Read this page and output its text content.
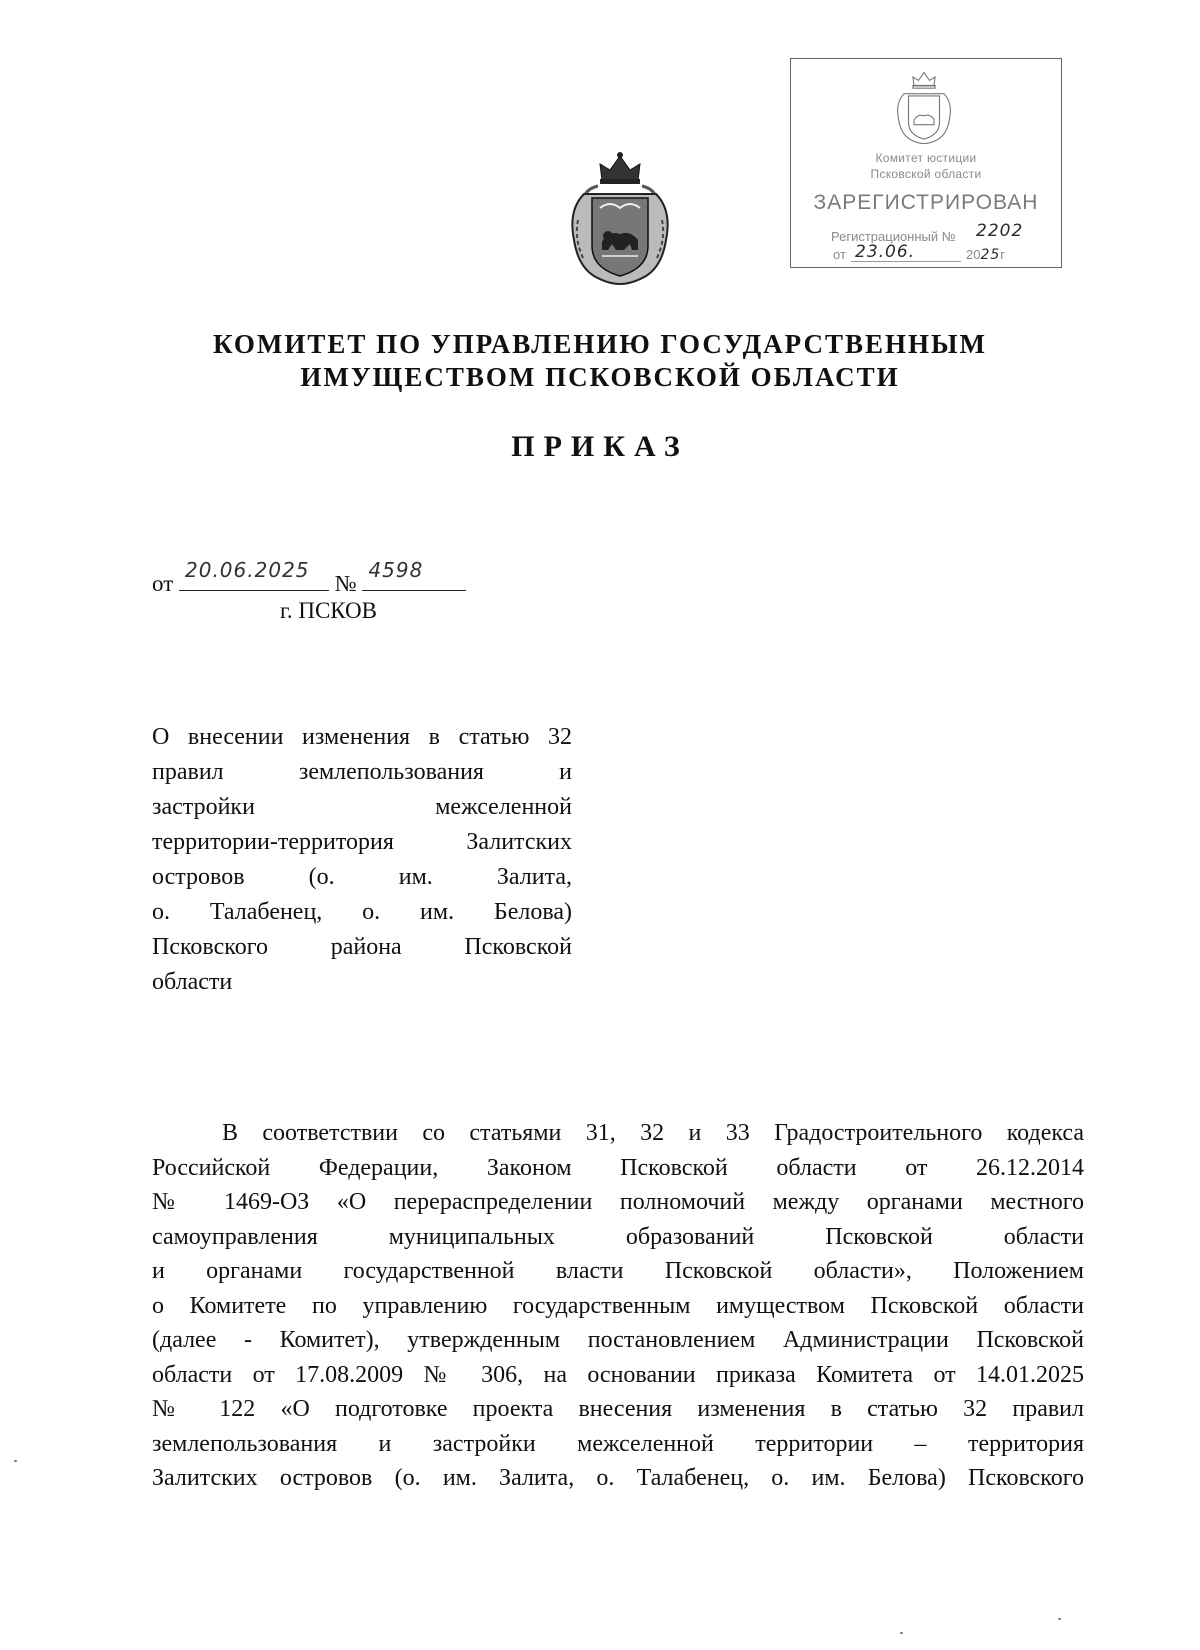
Комитет юстиции
Псковской области
ЗАРЕГИСТРИРОВАН
Регистрационный № 2202
от 23.06.	2025г
КОМИТЕТ ПО УПРАВЛЕНИЮ ГОСУДАРСТВЕННЫМ
ИМУЩЕСТВОМ ПСКОВСКОЙ ОБЛАСТИ
ПРИКАЗ
от
20.06.2025
№
4598
г. ПСКОВ
О внесении изменения в статью 32
правил землепользования и
застройки межселенной
территории-территория Залитских
островов (о. им. Залита,
о. Талабенец, о. им. Белова)
Псковского района Псковской
области
В соответствии со статьями 31, 32 и 33 Градостроительного кодекса
Российской Федерации, Законом Псковской области от 26.12.2014
№ 1469-ОЗ «О перераспределении полномочий между органами местного
самоуправления муниципальных образований Псковской области
и органами государственной власти Псковской области», Положением
о Комитете по управлению государственным имуществом Псковской области
(далее - Комитет), утвержденным постановлением Администрации Псковской
области от 17.08.2009 № 306, на основании приказа Комитета от 14.01.2025
№ 122 «О подготовке проекта внесения изменения в статью 32 правил
землепользования и застройки межселенной территории – территория
Залитских островов (о. им. Залита, о. Талабенец, о. им. Белова) Псковского
